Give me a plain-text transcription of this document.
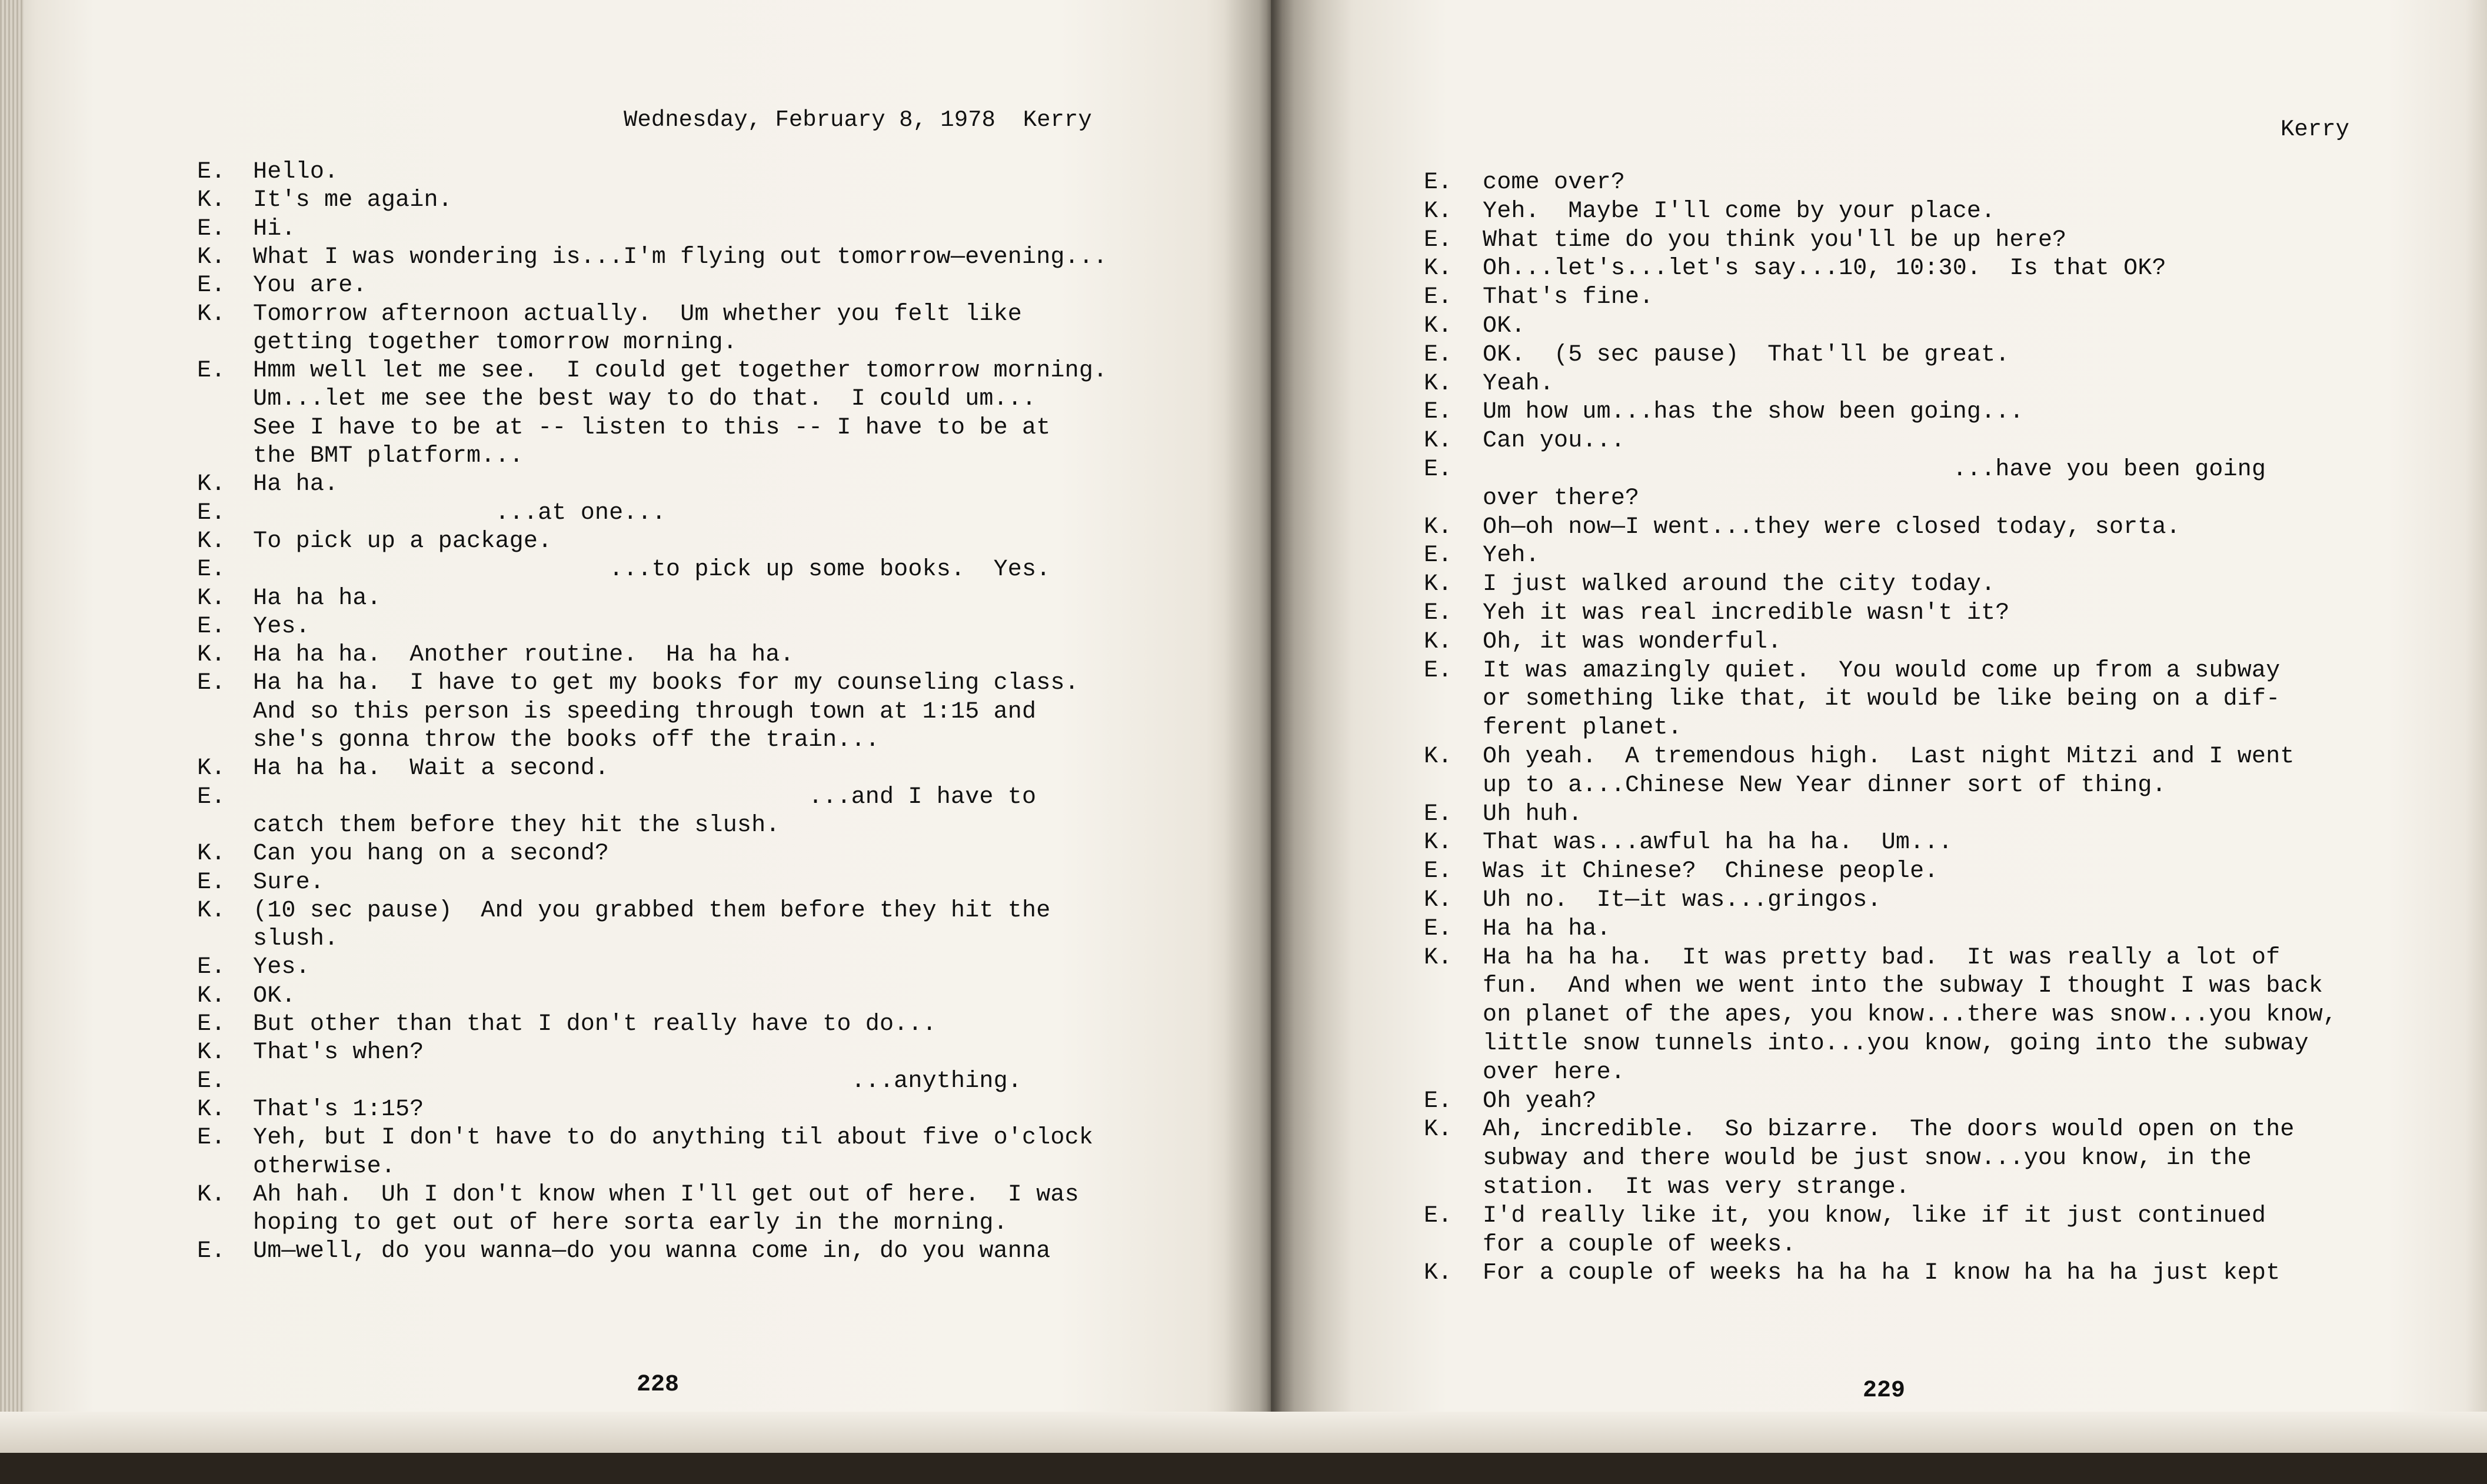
Wednesday, February 8, 1978  Kerry
E. Hello.
K. It's me again.
E. Hi.
K. What I was wondering is...I'm flying out tomorrow—evening...
E. You are.
K. Tomorrow afternoon actually.  Um whether you felt like
getting together tomorrow morning.
E. Hmm well let me see.  I could get together tomorrow morning.
Um...let me see the best way to do that.  I could um...
See I have to be at -- listen to this -- I have to be at
the BMT platform...
K. Ha ha.
E. ...at one...
K. To pick up a package.
E. ...to pick up some books.  Yes.
K. Ha ha ha.
E. Yes.
K. Ha ha ha.  Another routine.  Ha ha ha.
E. Ha ha ha.  I have to get my books for my counseling class.
And so this person is speeding through town at 1:15 and
she's gonna throw the books off the train...
K. Ha ha ha.  Wait a second.
E. ...and I have to
catch them before they hit the slush.
K. Can you hang on a second?
E. Sure.
K. (10 sec pause)  And you grabbed them before they hit the
slush.
E. Yes.
K. OK.
E. But other than that I don't really have to do...
K. That's when?
E. ...anything.
K. That's 1:15?
E. Yeh, but I don't have to do anything til about five o'clock
otherwise.
K. Ah hah.  Uh I don't know when I'll get out of here.  I was
hoping to get out of here sorta early in the morning.
E. Um—well, do you wanna—do you wanna come in, do you wanna
228
Kerry
E. come over?
K. Yeh.  Maybe I'll come by your place.
E. What time do you think you'll be up here?
K. Oh...let's...let's say...10, 10:30.  Is that OK?
E. That's fine.
K. OK.
E. OK.  (5 sec pause)  That'll be great.
K. Yeah.
E. Um how um...has the show been going...
K. Can you...
E. ...have you been going
over there?
K. Oh—oh now—I went...they were closed today, sorta.
E. Yeh.
K. I just walked around the city today.
E. Yeh it was real incredible wasn't it?
K. Oh, it was wonderful.
E. It was amazingly quiet.  You would come up from a subway
or something like that, it would be like being on a dif-
ferent planet.
K. Oh yeah.  A tremendous high.  Last night Mitzi and I went
up to a...Chinese New Year dinner sort of thing.
E. Uh huh.
K. That was...awful ha ha ha.  Um...
E. Was it Chinese?  Chinese people.
K. Uh no.  It—it was...gringos.
E. Ha ha ha.
K. Ha ha ha ha.  It was pretty bad.  It was really a lot of
fun.  And when we went into the subway I thought I was back
on planet of the apes, you know...there was snow...you know,
little snow tunnels into...you know, going into the subway
over here.
E. Oh yeah?
K. Ah, incredible.  So bizarre.  The doors would open on the
subway and there would be just snow...you know, in the
station.  It was very strange.
E. I'd really like it, you know, like if it just continued
for a couple of weeks.
K. For a couple of weeks ha ha ha I know ha ha ha just kept
229
